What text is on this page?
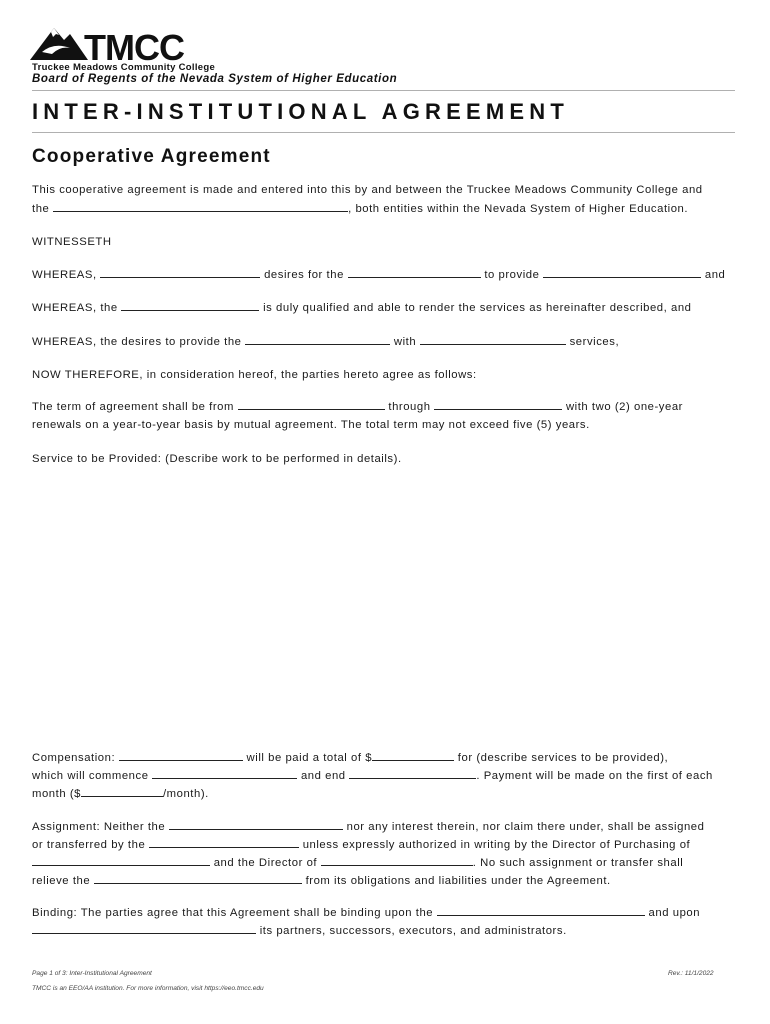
TMCC
Truckee Meadows Community College
Board of Regents of the Nevada System of Higher Education
INTER-INSTITUTIONAL AGREEMENT
Cooperative Agreement
This cooperative agreement is made and entered into this by and between the Truckee Meadows Community College and
the	, both entities within the Nevada System of Higher Education.
WITNESSETH
WHEREAS,	desires for the	to provide	and
WHEREAS, the	is duly qualified and able to render the services as hereinafter described, and
WHEREAS, the desires to provide the	with	services,
NOW THEREFORE, in consideration hereof, the parties hereto agree as follows:
The term of agreement shall be from	through	with two (2) one-year
renewals on a year-to-year basis by mutual agreement. The total term may not exceed five (5) years.
Service to be Provided: (Describe work to be performed in details).
Compensation:	will be paid a total of $	for (describe services to be provided),
which will commence	and end	. Payment will be made on the first of each
month ($	/month).
Assignment: Neither the	nor any interest therein, nor claim there under, shall be assigned
or transferred by the	unless expressly authorized in writing by the Director of Purchasing of
and the Director of	. No such assignment or transfer shall
relieve the	from its obligations and liabilities under the Agreement.
Binding: The parties agree that this Agreement shall be binding upon the	and upon
its partners, successors, executors, and administrators.
Page 1 of 3: Inter-Institutional Agreement	Rev.: 11/1/2022
TMCC is an EEO/AA institution. For more information, visit https://eeo.tmcc.edu
